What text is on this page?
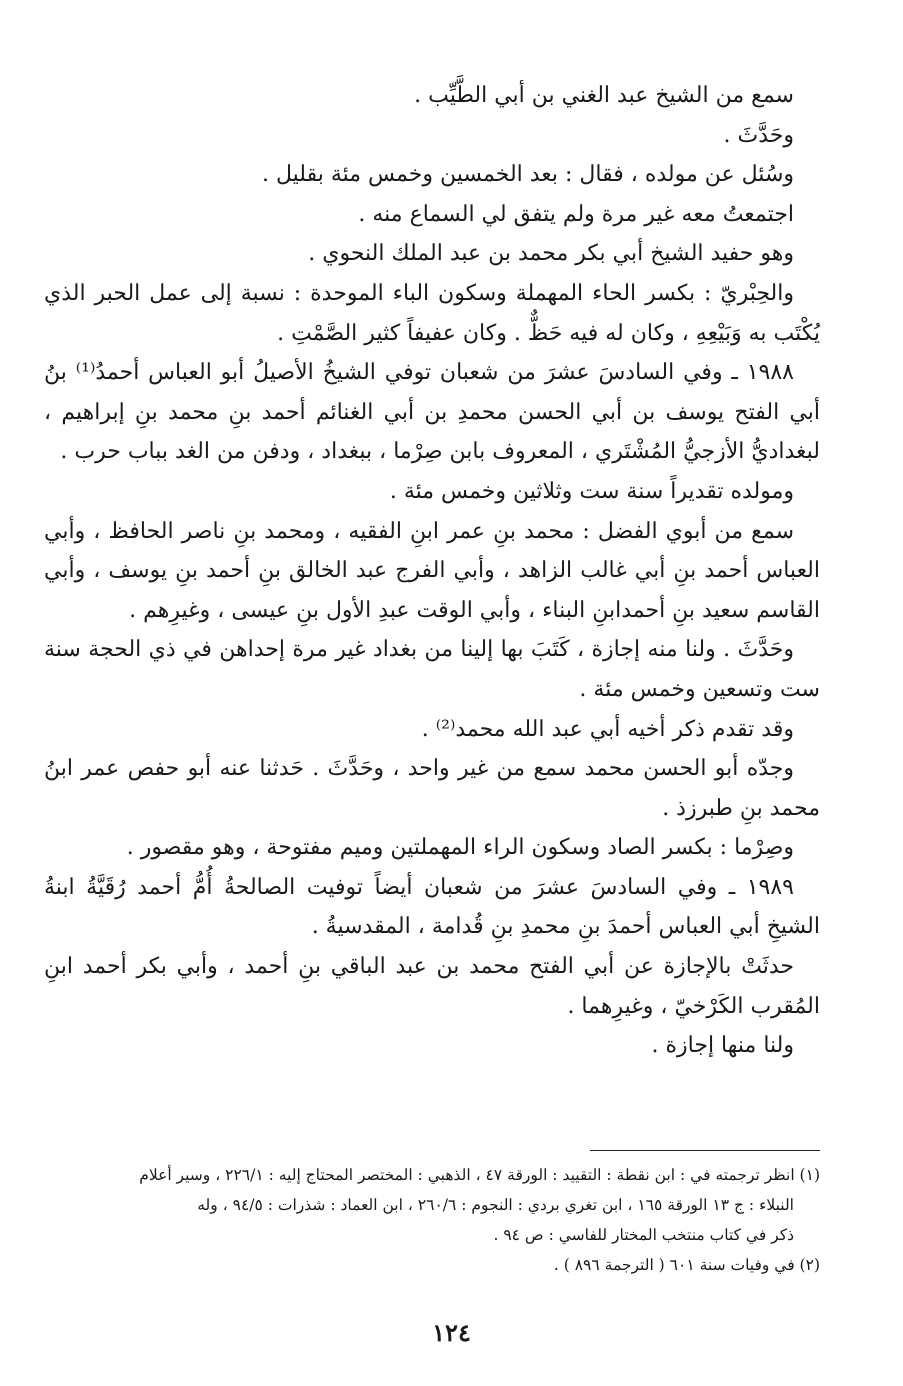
سمع من الشيخ عبد الغني بن أبي الطَّيِّب .

وحَدَّثَ .

وسُئل عن مولده ، فقال : بعد الخمسين وخمس مئة بقليل .

اجتمعتُ معه غير مرة ولم يتفق لي السماع منه .

وهو حفيد الشيخ أبي بكر محمد بن عبد الملك النحوي .

والحِبْريّ : بكسر الحاء المهملة وسكون الباء الموحدة : نسبة إلى عمل الحبر الذي يُكْتَب به وَبَيْعِهِ ، وكان له فيه حَظٌّ . وكان عفيفاً كثير الصَّمْتِ .

١٩٨٨ ـ وفي السادسَ عشرَ من شعبان توفي الشيخُ الأصيلُ أبو العباس أحمدُ⁽¹⁾ بنُ أبي الفتح يوسف بن أبي الحسن محمدِ بن أبي الغنائم أحمد بنِ محمد بنِ إبراهيم ، لبغداديُّ الأزجيُّ المُشْتَري ، المعروف بابن صِرْما ، ببغداد ، ودفن من الغد بباب حرب .

ومولده تقديراً سنة ست وثلاثين وخمس مئة .

سمع من أبوي الفضل : محمد بنِ عمر ابنِ الفقيه ، ومحمد بنِ ناصر الحافظ ، وأبي العباس أحمد بنِ أبي غالب الزاهد ، وأبي الفرج عبد الخالق بنِ أحمد بنِ يوسف ، وأبي القاسم سعيد بنِ أحمدابنِ البناء ، وأبي الوقت عبدِ الأول بنِ عيسى ، وغيرِهم .

وحَدَّثَ . ولنا منه إجازة ، كَتَبَ بها إلينا من بغداد غير مرة إحداهن في ذي الحجة سنة ست وتسعين وخمس مئة .

وقد تقدم ذكر أخيه أبي عبد الله محمد⁽²⁾ .

وجدّه أبو الحسن محمد سمع من غير واحد ، وحَدَّثَ . حَدثنا عنه أبو حفص عمر ابنُ محمد بنِ طبرزذ .

وصِرْما : بكسر الصاد وسكون الراء المهملتين وميم مفتوحة ، وهو مقصور .

١٩٨٩ ـ وفي السادسَ عشرَ من شعبان أيضاً توفيت الصالحةُ أُمُّ أحمد رُقَيَّةُ ابنةُ الشيخِ أبي العباس أحمدَ بنِ محمدِ بنِ قُدامة ، المقدسيةُ .

حدثَتْ بالإجازة عن أبي الفتح محمد بن عبد الباقي بنِ أحمد ، وأبي بكر أحمد ابنِ المُقرب الكَرْخيّ ، وغيرِهما .

ولنا منها إجازة .

(١) انظر ترجمته في : ابن نقطة : التقييد : الورقة ٤٧ ، الذهبي : المختصر المحتاج إليه : ٢٢٦/١ ، وسير أعلام

النبلاء : ج ١٣ الورقة ١٦٥ ، ابن تغري بردي : النجوم : ٢٦٠/٦ ، ابن العماد : شذرات : ٩٤/٥ ، وله

ذكر في كتاب منتخب المختار للفاسي : ص ٩٤ .

(٢) في وفيات سنة ٦٠١ ( الترجمة ٨٩٦ ) .

١٢٤
